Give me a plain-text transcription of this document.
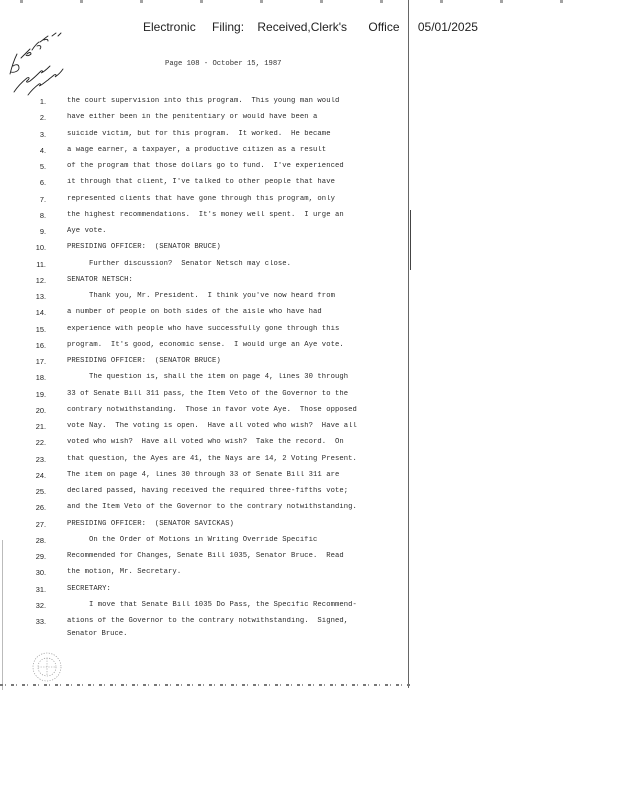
Electronic Filing: Received,Clerk's Office 05/01/2025
Page 108 - October 15, 1987
1.	the court supervision into this program.  This young man would
2.	have either been in the penitentiary or would have been a
3.	suicide victim, but for this program.  It worked.  He became
4.	a wage earner, a taxpayer, a productive citizen as a result
5.	of the program that those dollars go to fund.  I've experienced
6.	it through that client, I've talked to other people that have
7.	represented clients that have gone through this program, only
8.	the highest recommendations.  It's money well spent.  I urge an
9.	Aye vote.
10.	PRESIDING OFFICER:  (SENATOR BRUCE)
11.	Further discussion?  Senator Netsch may close.
12.	SENATOR NETSCH:
13.	Thank you, Mr. President.  I think you've now heard from
14.	a number of people on both sides of the aisle who have had
15.	experience with people who have successfully gone through this
16.	program.  It's good, economic sense.  I would urge an Aye vote.
17.	PRESIDING OFFICER:  (SENATOR BRUCE)
18.	The question is, shall the item on page 4, lines 30 through
19.	33 of Senate Bill 311 pass, the Item Veto of the Governor to the
20.	contrary notwithstanding.  Those in favor vote Aye.  Those opposed
21.	vote Nay.  The voting is open.  Have all voted who wish?  Have all
22.	voted who wish?  Have all voted who wish?  Take the record.  On
23.	that question, the Ayes are 41, the Nays are 14, 2 Voting Present.
24.	The item on page 4, lines 30 through 33 of Senate Bill 311 are
25.	declared passed, having received the required three-fifths vote;
26.	and the Item Veto of the Governor to the contrary notwithstanding.
27.	PRESIDING OFFICER:  (SENATOR SAVICKAS)
28.	On the Order of Motions in Writing Override Specific
29.	Recommended for Changes, Senate Bill 1035, Senator Bruce.  Read
30.	the motion, Mr. Secretary.
31.	SECRETARY:
32.	I move that Senate Bill 1035 Do Pass, the Specific Recommend-
33.	ations of the Governor to the contrary notwithstanding.  Signed,
Senator Bruce.
